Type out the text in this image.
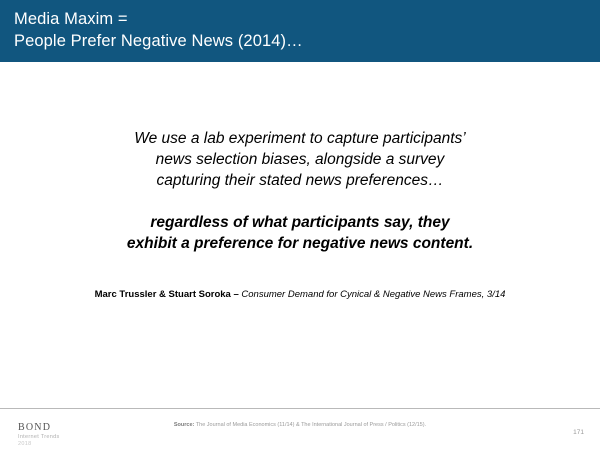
Media Maxim =
People Prefer Negative News (2014)…
We use a lab experiment to capture participants’
news selection biases, alongside a survey
capturing their stated news preferences…
regardless of what participants say, they
exhibit a preference for negative news content.
Marc Trussler & Stuart Soroka – Consumer Demand for Cynical & Negative News Frames, 3/14
BOND
Internet Trends
2018
Source: The Journal of Media Economics (11/14) & The International Journal of Press / Politics (12/15).
171
